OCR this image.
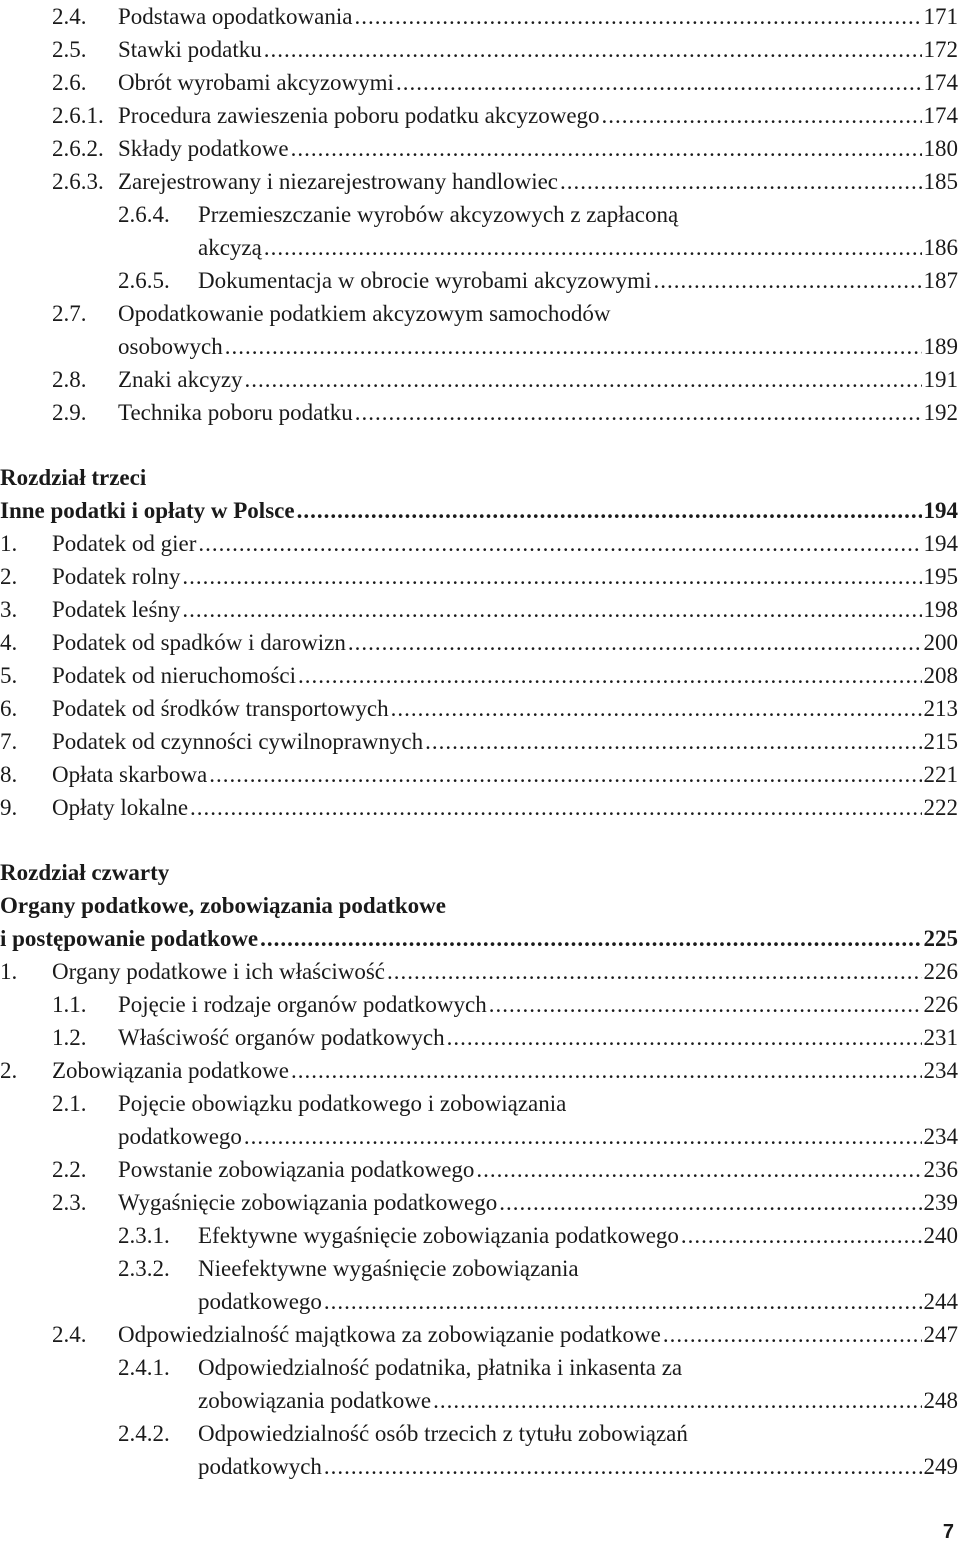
2.4. Podstawa opodatkowania .....	171
2.5. Stawki podatku .....	172
2.6. Obrót wyrobami akcyzowymi .....	174
2.6.1. Procedura zawieszenia poboru podatku akcyzowego .....	174
2.6.2. Składy podatkowe .....	180
2.6.3. Zarejestrowany i niezarejestrowany handlowiec .....	185
2.6.4. Przemieszczanie wyrobów akcyzowych z zapłaconą
akcyzą .....	186
2.6.5. Dokumentacja w obrocie wyrobami akcyzowymi .....	187
2.7. Opodatkowanie podatkiem akcyzowym samochodów
osobowych .....	189
2.8. Znaki akcyzy .....	191
2.9. Technika poboru podatku .....	192
Rozdział trzeci
Inne podatki i opłaty w Polsce .....	194
1. Podatek od gier .....	194
2. Podatek rolny .....	195
3. Podatek leśny .....	198
4. Podatek od spadków i darowizn .....	200
5. Podatek od nieruchomości .....	208
6. Podatek od środków transportowych .....	213
7. Podatek od czynności cywilnoprawnych .....	215
8. Opłata skarbowa .....	221
9. Opłaty lokalne .....	222
Rozdział czwarty
Organy podatkowe, zobowiązania podatkowe
i postępowanie podatkowe .....	225
1. Organy podatkowe i ich właściwość .....	226
1.1. Pojęcie i rodzaje organów podatkowych .....	226
1.2. Właściwość organów podatkowych .....	231
2. Zobowiązania podatkowe .....	234
2.1. Pojęcie obowiązku podatkowego i zobowiązania
podatkowego .....	234
2.2. Powstanie zobowiązania podatkowego .....	236
2.3. Wygaśnięcie zobowiązania podatkowego .....	239
2.3.1. Efektywne wygaśnięcie zobowiązania podatkowego .....	240
2.3.2. Nieefektywne wygaśnięcie zobowiązania
podatkowego .....	244
2.4. Odpowiedzialność majątkowa za zobowiązanie podatkowe .....	247
2.4.1. Odpowiedzialność podatnika, płatnika i inkasenta za
zobowiązania podatkowe .....	248
2.4.2. Odpowiedzialność osób trzecich z tytułu zobowiązań
podatkowych .....	249
7
